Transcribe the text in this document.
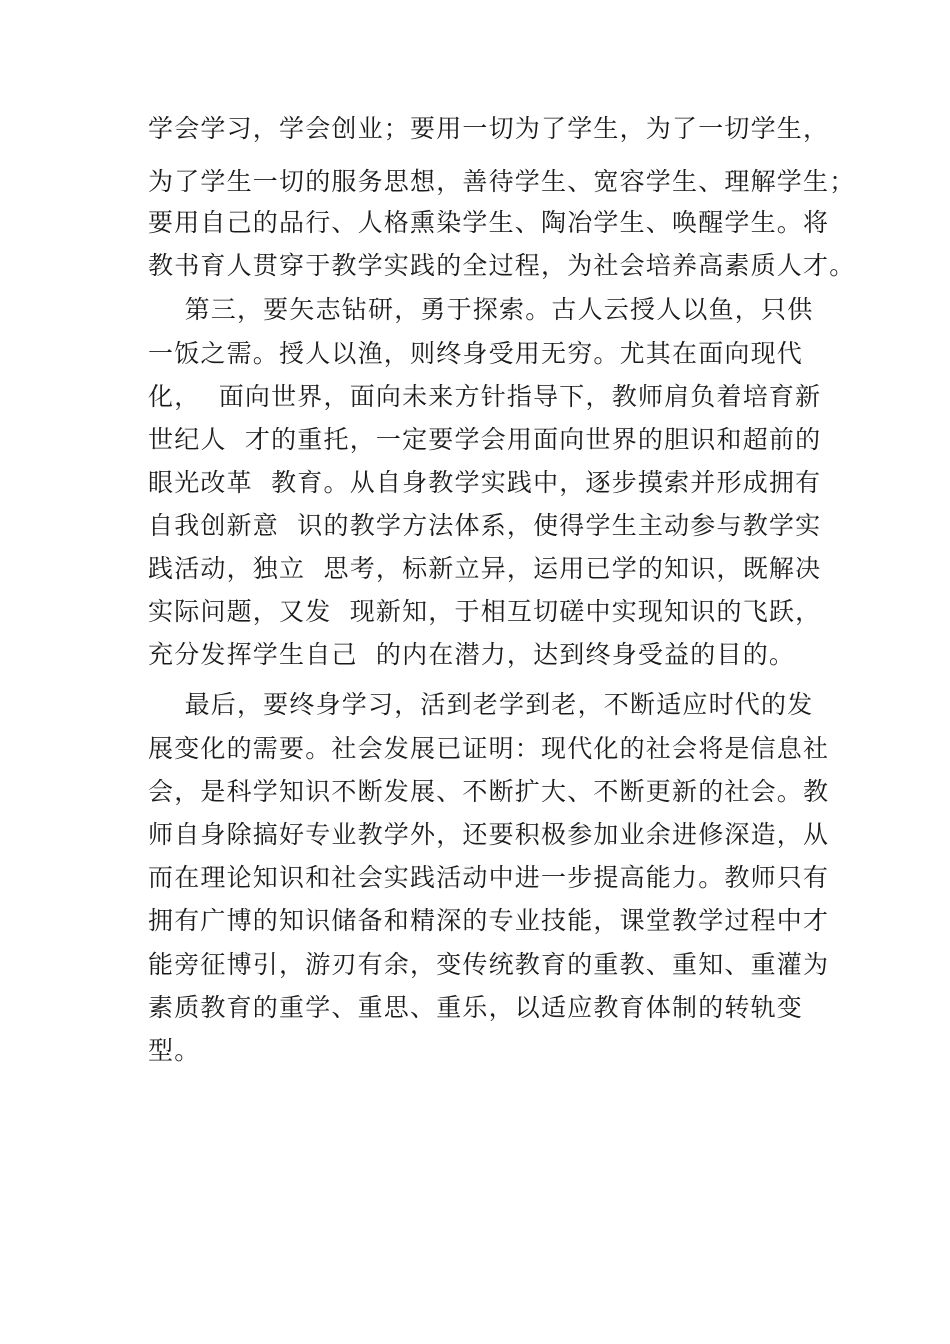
学会学习，学会创业；要用一切为了学生，为了一切学生，

为了学生一切的服务思想，善待学生、宽容学生、理解学生；

要用自己的品行、人格熏染学生、陶冶学生、唤醒学生。将

教书育人贯穿于教学实践的全过程，为社会培养高素质人才。

第三，要矢志钻研，勇于探索。古人云授人以鱼，只供

一饭之需。授人以渔，则终身受用无穷。尤其在面向现代

化，  面向世界，面向未来方针指导下，教师肩负着培育新

世纪人  才的重托，一定要学会用面向世界的胆识和超前的

眼光改革  教育。从自身教学实践中，逐步摸索并形成拥有

自我创新意  识的教学方法体系，使得学生主动参与教学实

践活动，独立  思考，标新立异，运用已学的知识，既解决

实际问题，又发  现新知，于相互切磋中实现知识的飞跃，

充分发挥学生自己  的内在潜力，达到终身受益的目的。

最后，要终身学习，活到老学到老，不断适应时代的发

展变化的需要。社会发展已证明：现代化的社会将是信息社

会，是科学知识不断发展、不断扩大、不断更新的社会。教

师自身除搞好专业教学外，还要积极参加业余进修深造，从

而在理论知识和社会实践活动中进一步提高能力。教师只有

拥有广博的知识储备和精深的专业技能，课堂教学过程中才

能旁征博引，游刃有余，变传统教育的重教、重知、重灌为

素质教育的重学、重思、重乐，以适应教育体制的转轨变

型。
